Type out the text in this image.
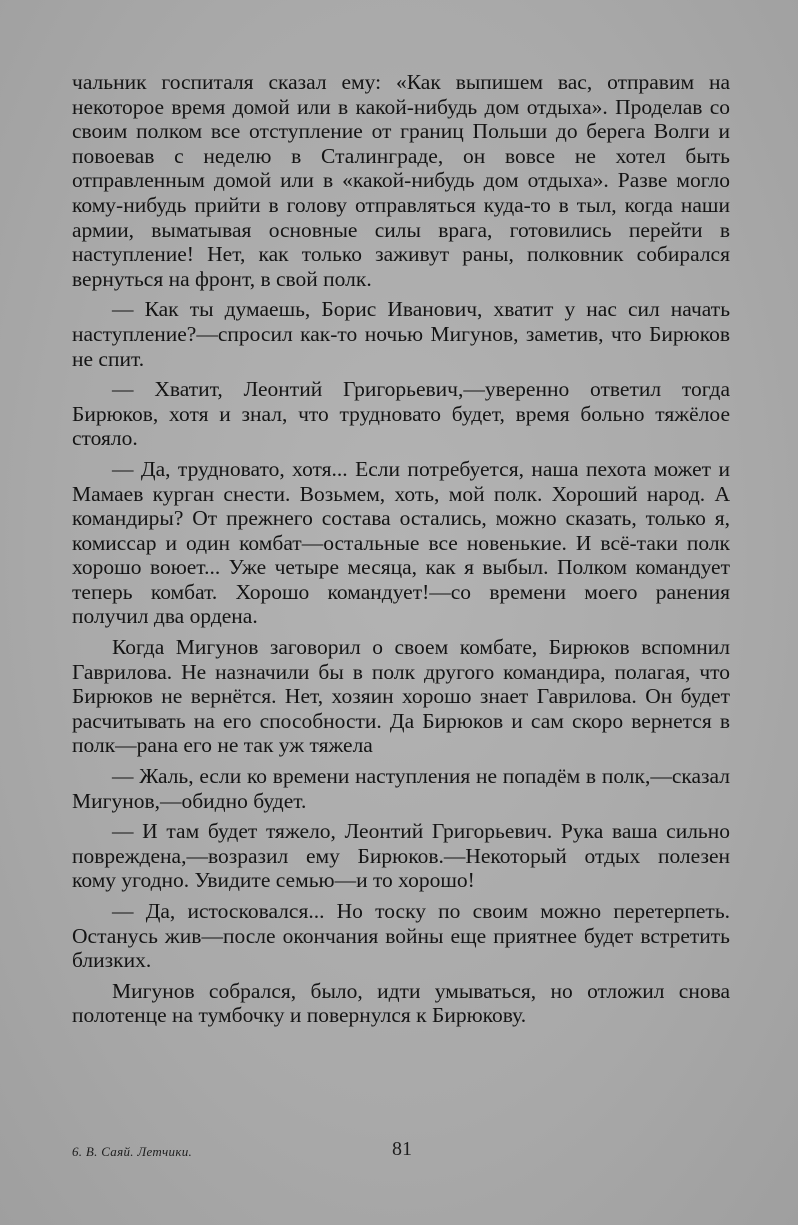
чальник госпиталя сказал ему: «Как выпишем вас, отправим на некоторое время домой или в какой-нибудь дом отдыха». Проделав со своим полком все отступление от границ Польши до берега Волги и повоевав с неделю в Сталинграде, он вовсе не хотел быть отправленным домой или в «какой-нибудь дом отдыха». Разве могло кому-нибудь прийти в голову отправляться куда-то в тыл, когда наши армии, выматывая основные силы врага, готовились перейти в наступление! Нет, как только заживут раны, полковник собирался вернуться на фронт, в свой полк.

— Как ты думаешь, Борис Иванович, хватит у нас сил начать наступление?—спросил как-то ночью Мигунов, заметив, что Бирюков не спит.

— Хватит, Леонтий Григорьевич,—уверенно ответил тогда Бирюков, хотя и знал, что трудновато будет, время больно тяжёлое стояло.

— Да, трудновато, хотя... Если потребуется, наша пехота может и Мамаев курган снести. Возьмем, хоть, мой полк. Хороший народ. А командиры? От прежнего состава остались, можно сказать, только я, комиссар и один комбат—остальные все новенькие. И всё-таки полк хорошо воюет... Уже четыре месяца, как я выбыл. Полком командует теперь комбат. Хорошо командует!—со времени моего ранения получил два ордена.

Когда Мигунов заговорил о своем комбате, Бирюков вспомнил Гаврилова. Не назначили бы в полк другого командира, полагая, что Бирюков не вернётся. Нет, хозяин хорошо знает Гаврилова. Он будет расчитывать на его способности. Да Бирюков и сам скоро вернется в полк—рана его не так уж тяжела

— Жаль, если ко времени наступления не попадём в полк,—сказал Мигунов,—обидно будет.

— И там будет тяжело, Леонтий Григорьевич. Рука ваша сильно повреждена,—возразил ему Бирюков.—Некоторый отдых полезен кому угодно. Увидите семью—и то хорошо!

— Да, истосковался... Но тоску по своим можно перетерпеть. Останусь жив—после окончания войны еще приятнее будет встретить близких.

Мигунов собрался, было, идти умываться, но отложил снова полотенце на тумбочку и повернулся к Бирюкову.

6. В. Саяй. Летчики.	81
